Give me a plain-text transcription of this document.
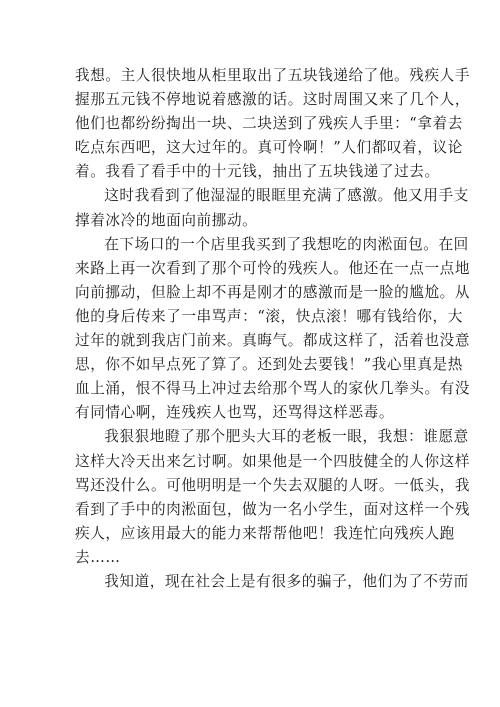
我想。主人很快地从柜里取出了五块钱递给了他。残疾人手
握那五元钱不停地说着感激的话。这时周围又来了几个人，
他们也都纷纷掏出一块、二块送到了残疾人手里：“拿着去
吃点东西吧，这大过年的。真可怜啊！”人们都叹着，议论
着。我看了看手中的十元钱，抽出了五块钱递了过去。
这时我看到了他湿湿的眼眶里充满了感激。他又用手支
撑着冰冷的地面向前挪动。
在下场口的一个店里我买到了我想吃的肉淞面包。在回
来路上再一次看到了那个可怜的残疾人。他还在一点一点地
向前挪动，但脸上却不再是刚才的感激而是一脸的尴尬。从
他的身后传来了一串骂声：“滚，快点滚！哪有钱给你，大
过年的就到我店门前来。真晦气。都成这样了，活着也没意
思，你不如早点死了算了。还到处去要钱！”我心里真是热
血上涌，恨不得马上冲过去给那个骂人的家伙几拳头。有没
有同情心啊，连残疾人也骂，还骂得这样恶毒。
我狠狠地瞪了那个肥头大耳的老板一眼，我想：谁愿意
这样大冷天出来乞讨啊。如果他是一个四肢健全的人你这样
骂还没什么。可他明明是一个失去双腿的人呀。一低头，我
看到了手中的肉淞面包，做为一名小学生，面对这样一个残
疾人，应该用最大的能力来帮帮他吧！我连忙向残疾人跑
去……
我知道，现在社会上是有很多的骗子，他们为了不劳而
